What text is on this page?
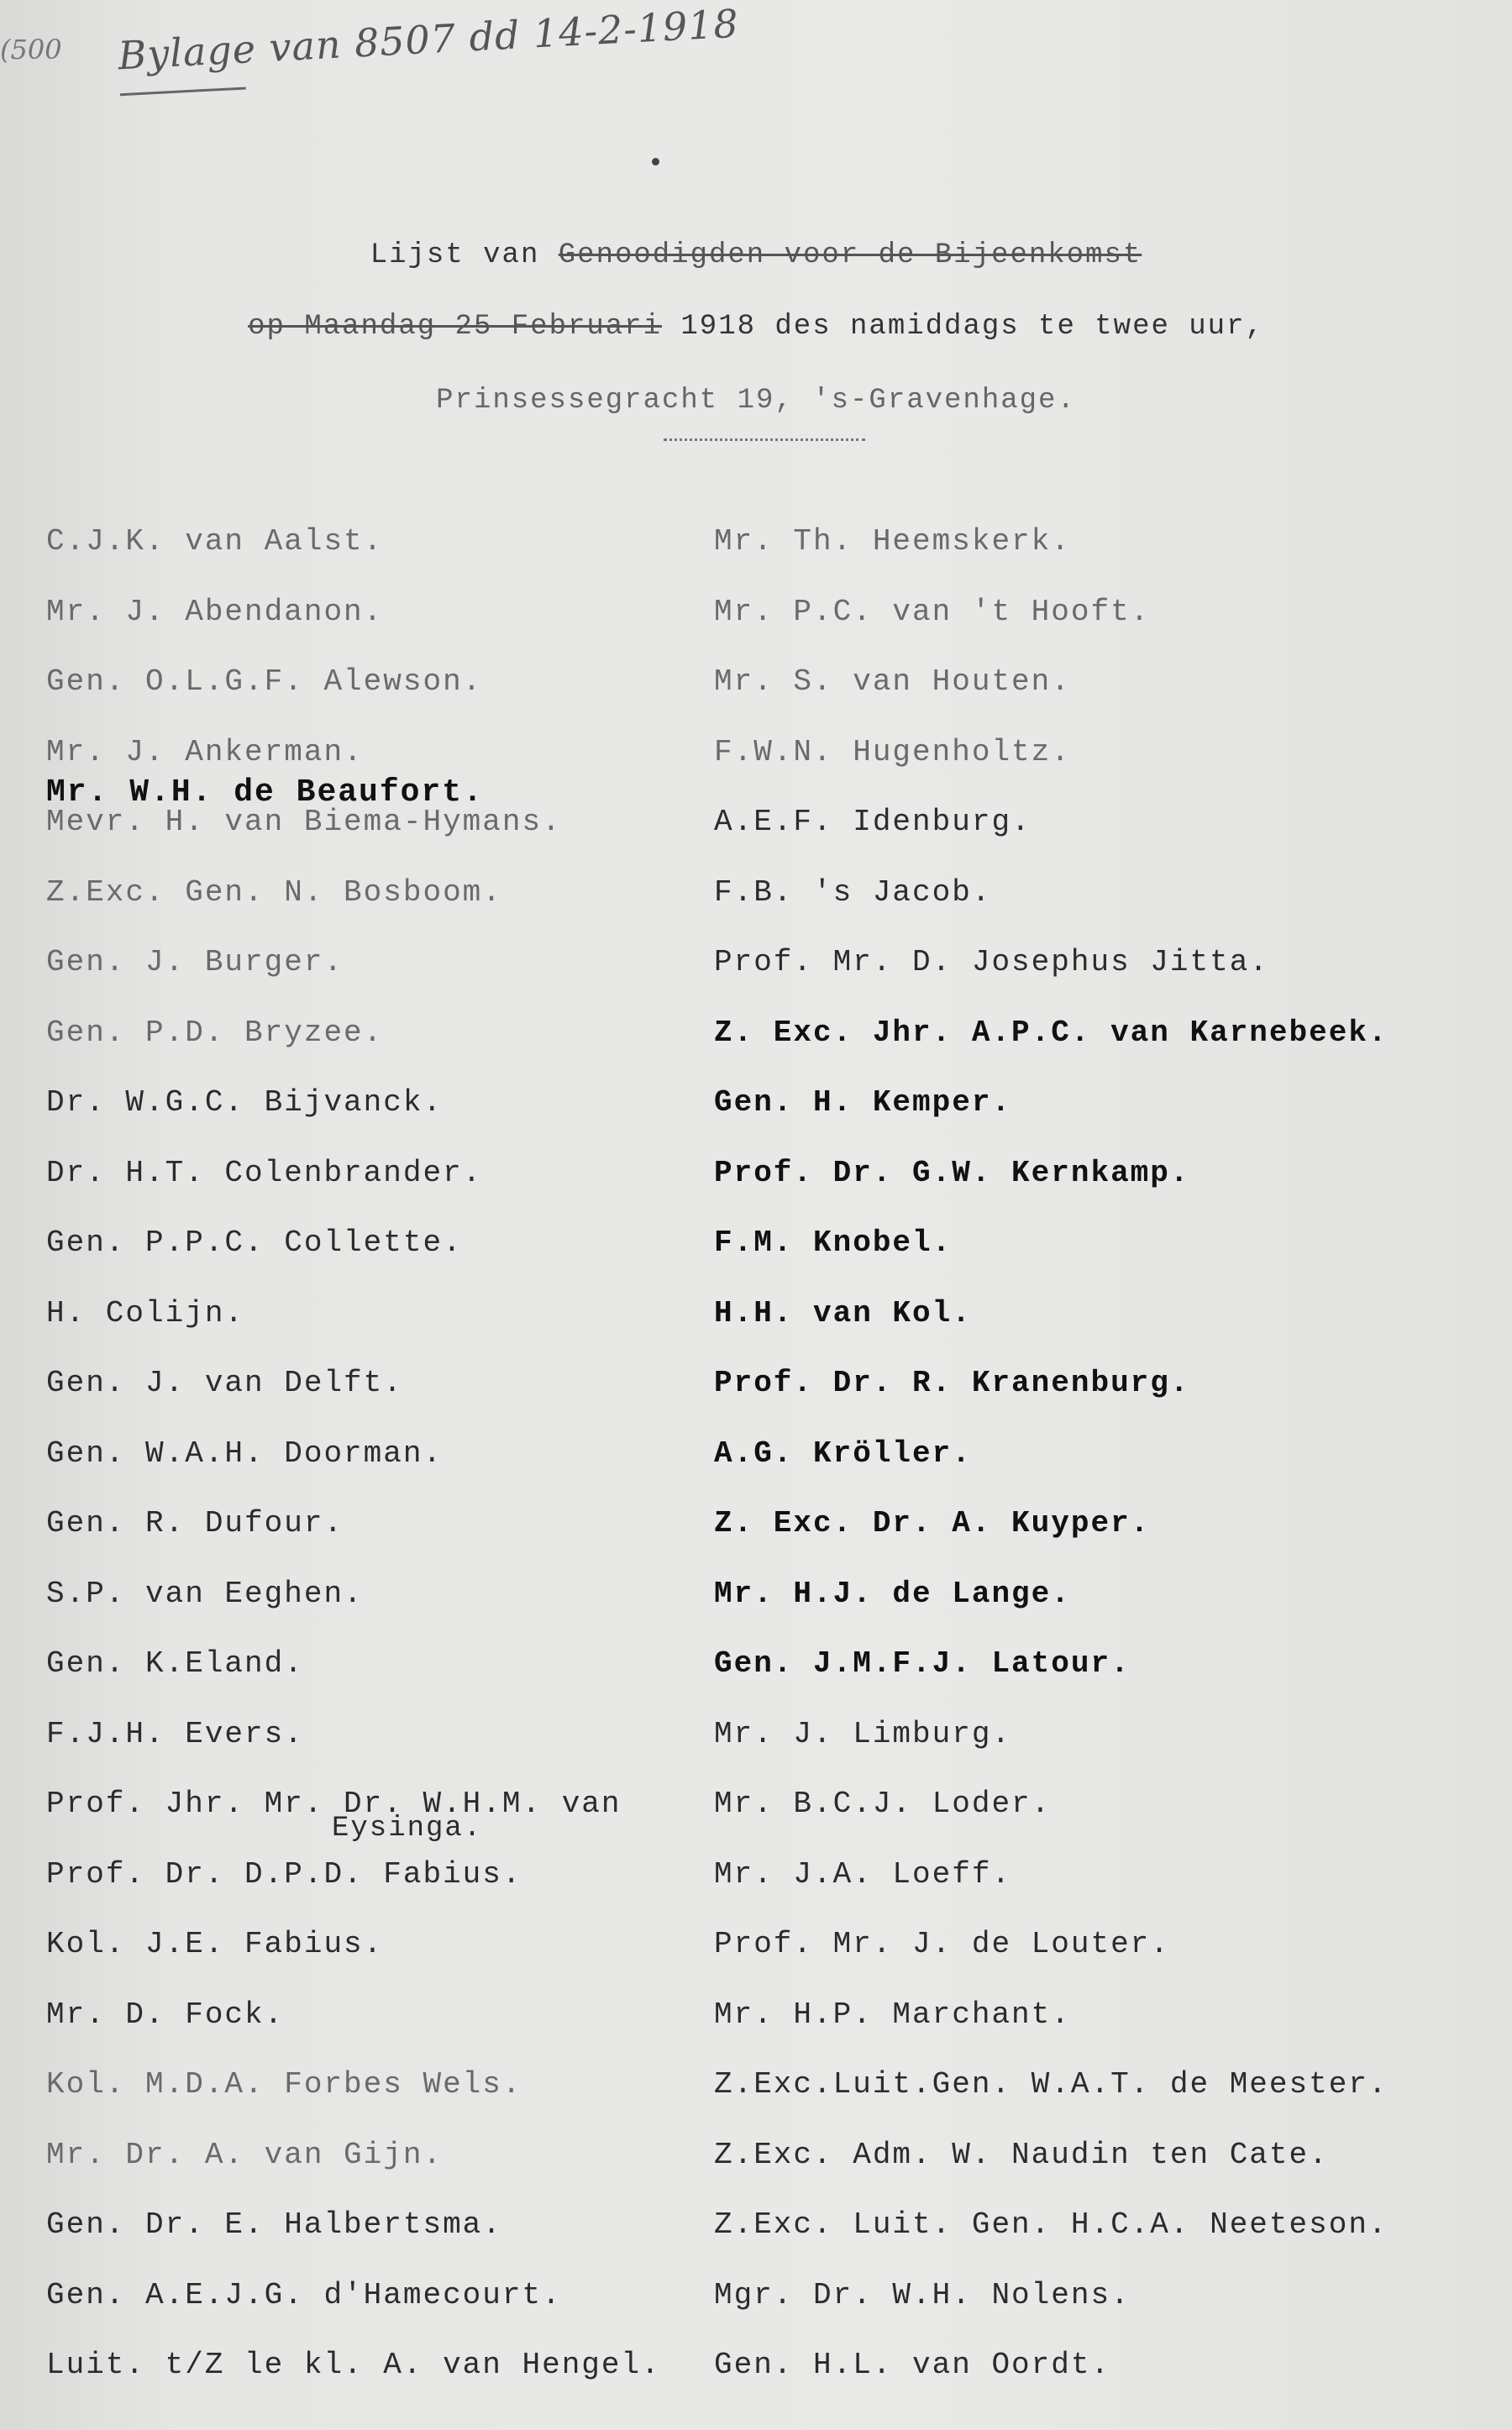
(500 Bylage van 8507 dd 14-2-1918
Lijst van Genoodigden voor de Bijeenkomst
op Maandag 25 Februari 1918 des namiddags te twee uur,
Prinsessegracht 19, 's-Gravenhage.
C.J.K. van Aalst.
Mr. J. Abendanon.
Gen. O.L.G.F. Alewson.
Mr. J. Ankerman.
Mevr. H. van Biema-Hymans.
Z.Exc. Gen. N. Bosboom.
Gen. J. Burger.
Gen. P.D. Bryzee.
Dr. W.G.C. Bijvanck.
Dr. H.T. Colenbrander.
Gen. P.P.C. Collette.
H. Colijn.
Gen. J. van Delft.
Gen. W.A.H. Doorman.
Gen. R. Dufour.
S.P. van Eeghen.
Gen. K.Eland.
F.J.H. Evers.
Prof. Jhr. Mr. Dr. W.H.M. van
Eysinga.
Prof. Dr. D.P.D. Fabius.
Kol. J.E. Fabius.
Mr. D. Fock.
Kol. M.D.A. Forbes Wels.
Mr. Dr. A. van Gijn.
Gen. Dr. E. Halbertsma.
Gen. A.E.J.G. d'Hamecourt.
Luit. t/Z le kl. A. van Hengel.
Mr. Th. Heemskerk.
Mr. P.C. van 't Hooft.
Mr. S. van Houten.
F.W.N. Hugenholtz.
A.E.F. Idenburg.
F.B. 's Jacob.
Prof. Mr. D. Josephus Jitta.
Z. Exc. Jhr. A.P.C. van Karnebeek.
Gen. H. Kemper.
Prof. Dr. G.W. Kernkamp.
F.M. Knobel.
H.H. van Kol.
Prof. Dr. R. Kranenburg.
A.G. Kröller.
Z. Exc. Dr. A. Kuyper.
Mr. H.J. de Lange.
Gen. J.M.F.J. Latour.
Mr. J. Limburg.
Mr. B.C.J. Loder.
Mr. J.A. Loeff.
Prof. Mr. J. de Louter.
Mr. H.P. Marchant.
Z.Exc.Luit.Gen. W.A.T. de Meester.
Z.Exc. Adm. W. Naudin ten Cate.
Z.Exc. Luit. Gen. H.C.A. Neeteson.
Mgr. Dr. W.H. Nolens.
Gen. H.L. van Oordt.
Mr. W.H. de Beaufort.
